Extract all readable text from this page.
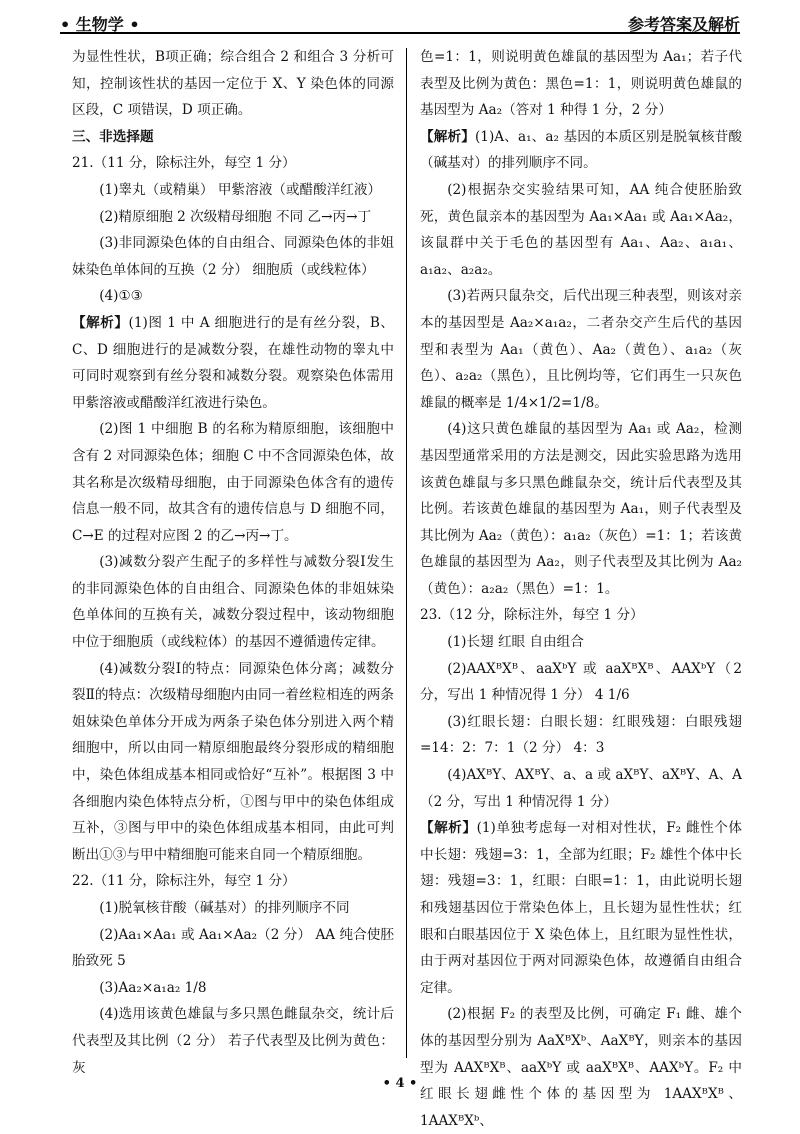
• 生物学 •	参考答案及解析

为显性性状，B项正确；综合组合 2 和组合 3 分析可知，控制该性状的基因一定位于 X、Y 染色体的同源区段，C 项错误，D 项正确。

三、非选择题

21.（11 分，除标注外，每空 1 分）

(1)睾丸（或精巢） 甲紫溶液（或醋酸洋红液）

(2)精原细胞 2 次级精母细胞 不同 乙→丙→丁

(3)非同源染色体的自由组合、同源染色体的非姐妹染色单体间的互换（2 分） 细胞质（或线粒体）

(4)①③

【解析】(1)图 1 中 A 细胞进行的是有丝分裂，B、C、D 细胞进行的是减数分裂，在雄性动物的睾丸中可同时观察到有丝分裂和减数分裂。观察染色体需用甲紫溶液或醋酸洋红液进行染色。

(2)图 1 中细胞 B 的名称为精原细胞，该细胞中含有 2 对同源染色体；细胞 C 中不含同源染色体，故其名称是次级精母细胞，由于同源染色体含有的遗传信息一般不同，故其含有的遗传信息与 D 细胞不同，C→E 的过程对应图 2 的乙→丙→丁。

(3)减数分裂产生配子的多样性与减数分裂Ⅰ发生的非同源染色体的自由组合、同源染色体的非姐妹染色单体间的互换有关，减数分裂过程中，该动物细胞中位于细胞质（或线粒体）的基因不遵循遗传定律。

(4)减数分裂Ⅰ的特点：同源染色体分离；减数分裂Ⅱ的特点：次级精母细胞内由同一着丝粒相连的两条姐妹染色单体分开成为两条子染色体分别进入两个精细胞中，所以由同一精原细胞最终分裂形成的精细胞中，染色体组成基本相同或恰好“互补”。根据图 3 中各细胞内染色体特点分析，①图与甲中的染色体组成互补，③图与甲中的染色体组成基本相同，由此可判断出①③与甲中精细胞可能来自同一个精原细胞。

22.（11 分，除标注外，每空 1 分）

(1)脱氧核苷酸（碱基对）的排列顺序不同

(2)Aa₁×Aa₁ 或 Aa₁×Aa₂（2 分） AA 纯合使胚胎致死 5

(3)Aa₂×a₁a₂ 1/8

(4)选用该黄色雄鼠与多只黑色雌鼠杂交，统计后代表型及其比例（2 分） 若子代表型及比例为黄色：灰

色=1：1，则说明黄色雄鼠的基因型为 Aa₁；若子代表型及比例为黄色：黑色=1：1，则说明黄色雄鼠的基因型为 Aa₂（答对 1 种得 1 分，2 分）

【解析】(1)A、a₁、a₂ 基因的本质区别是脱氧核苷酸（碱基对）的排列顺序不同。

(2)根据杂交实验结果可知，AA 纯合使胚胎致死，黄色鼠亲本的基因型为 Aa₁×Aa₁ 或 Aa₁×Aa₂，该鼠群中关于毛色的基因型有 Aa₁、Aa₂、a₁a₁、a₁a₂、a₂a₂。

(3)若两只鼠杂交，后代出现三种表型，则该对亲本的基因型是 Aa₂×a₁a₂，二者杂交产生后代的基因型和表型为 Aa₁（黄色）、Aa₂（黄色）、a₁a₂（灰色）、a₂a₂（黑色），且比例均等，它们再生一只灰色雄鼠的概率是 1/4×1/2=1/8。

(4)这只黄色雄鼠的基因型为 Aa₁ 或 Aa₂，检测基因型通常采用的方法是测交，因此实验思路为选用该黄色雄鼠与多只黑色雌鼠杂交，统计后代表型及其比例。若该黄色雄鼠的基因型为 Aa₁，则子代表型及其比例为 Aa₂（黄色）：a₁a₂（灰色）=1：1；若该黄色雄鼠的基因型为 Aa₂，则子代表型及其比例为 Aa₂（黄色）：a₂a₂（黑色）=1：1。

23.（12 分，除标注外，每空 1 分）

(1)长翅 红眼 自由组合

(2)AAXᴮXᴮ、aaXᵇY 或 aaXᴮXᴮ、AAXᵇY（2 分，写出 1 种情况得 1 分） 4 1/6

(3)红眼长翅：白眼长翅：红眼残翅：白眼残翅=14：2：7：1（2 分） 4：3

(4)AXᴮY、AXᴮY、a、a 或 aXᴮY、aXᴮY、A、A（2 分，写出 1 种情况得 1 分）

【解析】(1)单独考虑每一对相对性状，F₂ 雌性个体中长翅：残翅=3：1，全部为红眼；F₂ 雄性个体中长翅：残翅=3：1，红眼：白眼=1：1，由此说明长翅和残翅基因位于常染色体上，且长翅为显性性状；红眼和白眼基因位于 X 染色体上，且红眼为显性性状，由于两对基因位于两对同源染色体，故遵循自由组合定律。

(2)根据 F₂ 的表型及比例，可确定 F₁ 雌、雄个体的基因型分别为 AaXᴮXᵇ、AaXᴮY，则亲本的基因型为 AAXᴮXᴮ、aaXᵇY 或 aaXᴮXᴮ、AAXᵇY。F₂ 中红眼长翅雌性个体的基因型为 1AAXᴮXᴮ、1AAXᴮXᵇ、

• 4 •
